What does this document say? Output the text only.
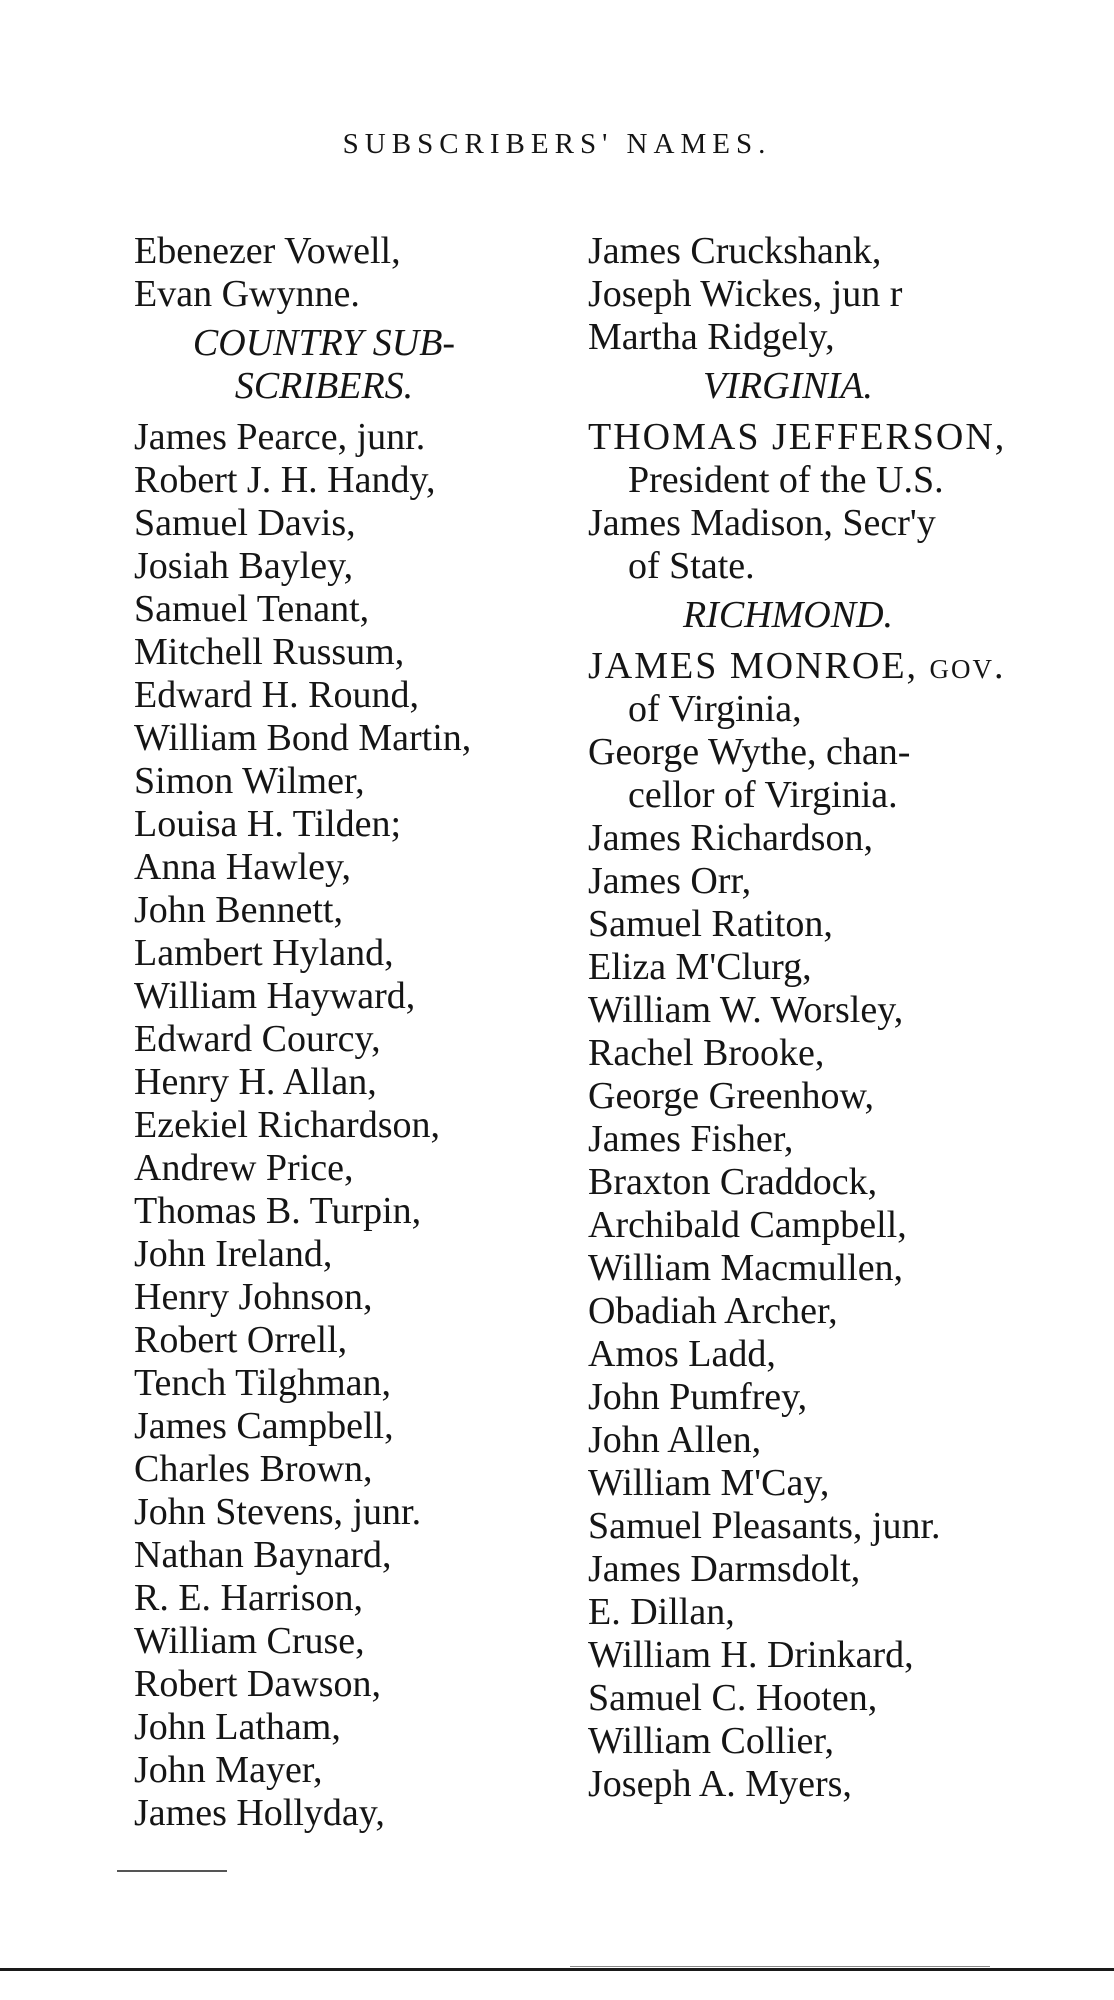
SUBSCRIBERS' NAMES.
Ebenezer Vowell,
Evan Gwynne.
COUNTRY SUB-
SCRIBERS.
James Pearce, junr.
Robert J. H. Handy,
Samuel Davis,
Josiah Bayley,
Samuel Tenant,
Mitchell Russum,
Edward H. Round,
William Bond Martin,
Simon Wilmer,
Louisa H. Tilden;
Anna Hawley,
John Bennett,
Lambert Hyland,
William Hayward,
Edward Courcy,
Henry H. Allan,
Ezekiel Richardson,
Andrew Price,
Thomas B. Turpin,
John Ireland,
Henry Johnson,
Robert Orrell,
Tench Tilghman,
James Campbell,
Charles Brown,
John Stevens, junr.
Nathan Baynard,
R. E. Harrison,
William Cruse,
Robert Dawson,
John Latham,
John Mayer,
James Hollyday,
James Cruckshank,
Joseph Wickes, jun r
Martha Ridgely,
VIRGINIA.
THOMAS JEFFERSON,
President of the U.S.
James Madison, Secr'y
of State.
RICHMOND.
JAMES MONROE, gov.
of Virginia,
George Wythe, chan-
cellor of Virginia.
James Richardson,
James Orr,
Samuel Ratiton,
Eliza M'Clurg,
William W. Worsley,
Rachel Brooke,
George Greenhow,
James Fisher,
Braxton Craddock,
Archibald Campbell,
William Macmullen,
Obadiah Archer,
Amos Ladd,
John Pumfrey,
John Allen,
William M'Cay,
Samuel Pleasants, junr.
James Darmsdolt,
E. Dillan,
William H. Drinkard,
Samuel C. Hooten,
William Collier,
Joseph A. Myers,
